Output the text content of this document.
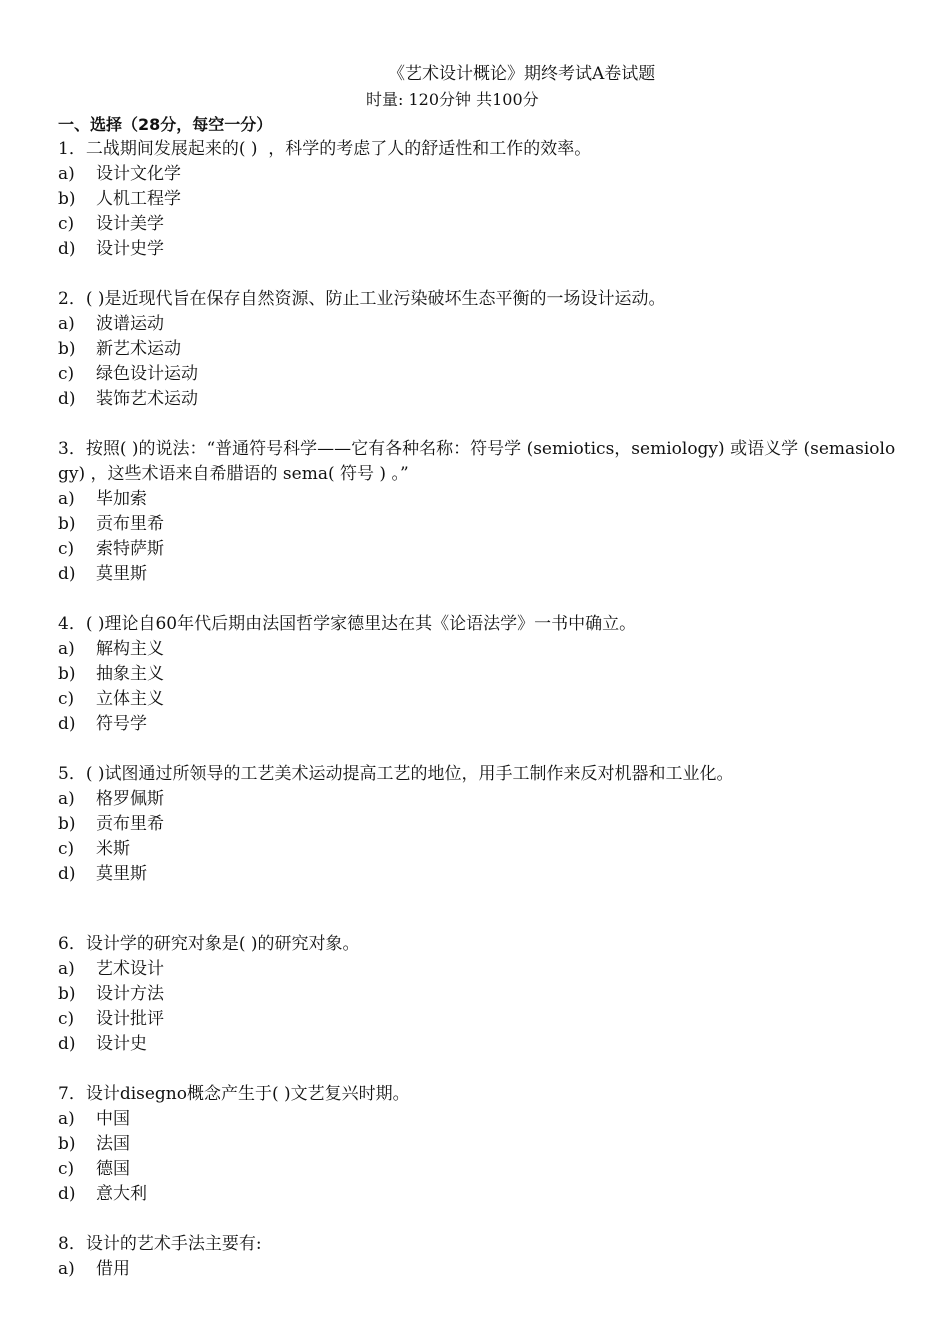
《艺术设计概论》期终考试A卷试题
时量: 120分钟 共100分
一、选择（28分，每空一分）
1．二战期间发展起来的( )  ，科学的考虑了人的舒适性和工作的效率。
a) 设计文化学
b) 人机工程学
c) 设计美学
d) 设计史学
2．( )是近现代旨在保存自然资源、防止工业污染破坏生态平衡的一场设计运动。
a) 波谱运动
b) 新艺术运动
c) 绿色设计运动
d) 装饰艺术运动
3．按照( )的说法：“普通符号科学——它有各种名称：符号学 (semiotics，semiology) 或语义学 (semasiology) ，这些术语来自希腊语的 sema( 符号 ) 。”
a) 毕加索
b) 贡布里希
c) 索特萨斯
d) 莫里斯
4．( )理论自60年代后期由法国哲学家德里达在其《论语法学》一书中确立。
a) 解构主义
b) 抽象主义
c) 立体主义
d) 符号学
5．( )试图通过所领导的工艺美术运动提高工艺的地位，用手工制作来反对机器和工业化。
a) 格罗佩斯
b) 贡布里希
c) 米斯
d) 莫里斯
6．设计学的研究对象是( )的研究对象。
a) 艺术设计
b) 设计方法
c) 设计批评
d) 设计史
7．设计disegno概念产生于( )文艺复兴时期。
a) 中国
b) 法国
c) 德国
d) 意大利
8．设计的艺术手法主要有:
a) 借用
